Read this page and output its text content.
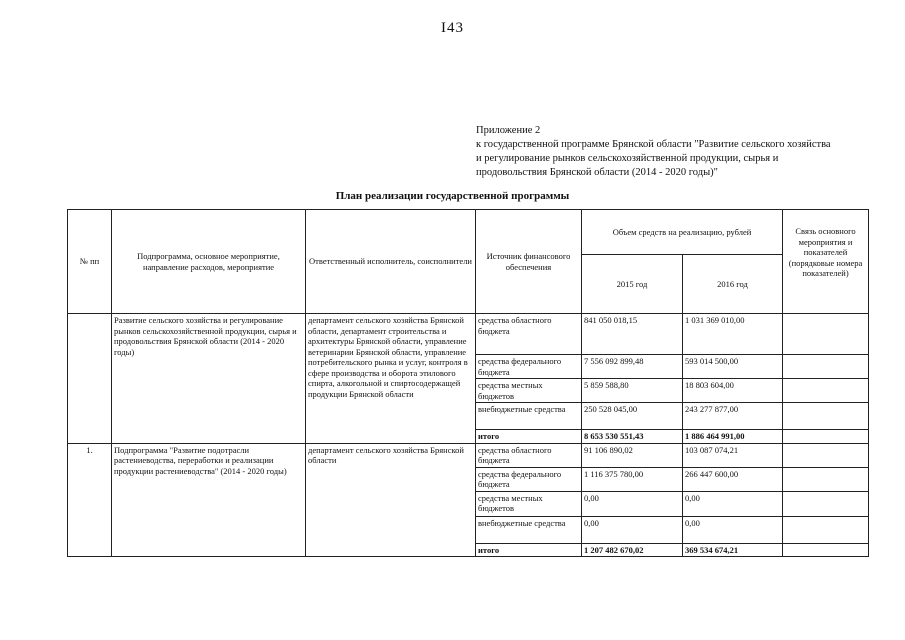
I43
Приложение 2
к государственной программе Брянской области "Развитие сельского хозяйства
и регулирование рынков сельскохозяйственной продукции, сырья и
продовольствия Брянской области (2014 - 2020 годы)"
План реализации государственной программы
№ пп	Подпрограмма, основное мероприятие, направление расходов, мероприятие	Ответственный исполнитель, соисполнители	Источник финансового обеспечения	Объем средств на реализацию, рублей		Связь основного мероприятия и показателей (порядковые номера показателей)
				2015 год	2016 год	
	Развитие сельского хозяйства и регулирование рынков сельскохозяйственной продукции, сырья и продовольствия Брянской области (2014 - 2020 годы)	департамент сельского хозяйства Брянской области, департамент строительства и архитектуры Брянской области, управление ветеринарии Брянской области, управление потребительского рынка и услуг, контроля в сфере производства и оборота этилового спирта, алкогольной и спиртосодержащей продукции Брянской области	средства областного бюджета	841 050 018,15	1 031 369 010,00	
			средства федерального бюджета	7 556 092 899,48	593 014 500,00	
			средства местных бюджетов	5 859 588,80	18 803 604,00	
			внебюджетные средства	250 528 045,00	243 277 877,00	
			итого	8 653 530 551,43	1 886 464 991,00	
1.	Подпрограмма "Развитие подотрасли растениеводства, переработки и реализации продукции растениеводства" (2014 - 2020 годы)	департамент сельского хозяйства Брянской области	средства областного бюджета	91 106 890,02	103 087 074,21	
			средства федерального бюджета	1 116 375 780,00	266 447 600,00	
			средства местных бюджетов	0,00	0,00	
			внебюджетные средства	0,00	0,00	
			итого	1 207 482 670,02	369 534 674,21	
